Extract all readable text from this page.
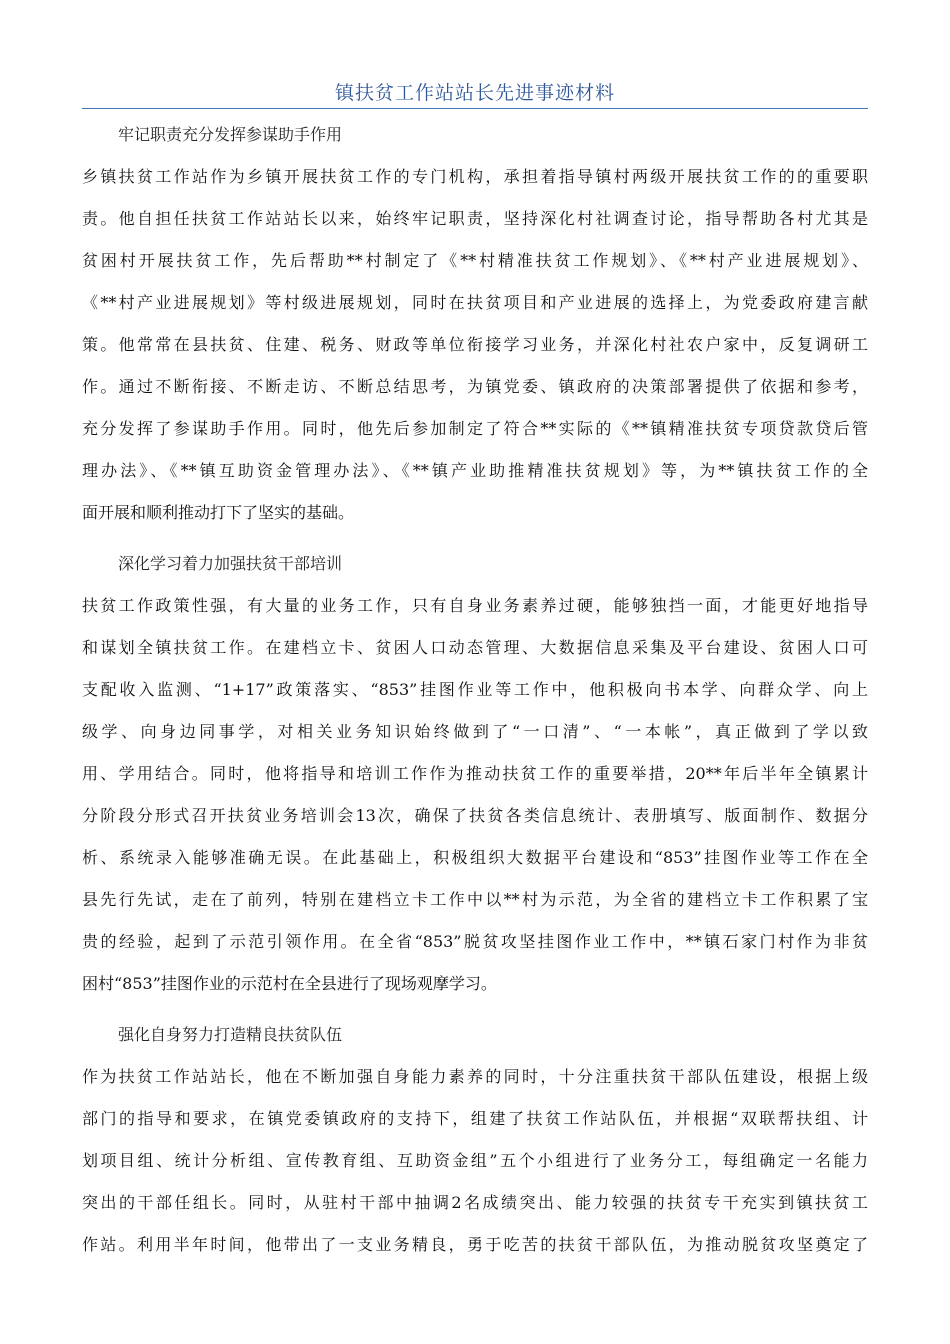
镇扶贫工作站站长先进事迹材料
牢记职责充分发挥参谋助手作用
乡镇扶贫工作站作为乡镇开展扶贫工作的专门机构，承担着指导镇村两级开展扶贫工作的的重要职
责。他自担任扶贫工作站站长以来，始终牢记职责，坚持深化村社调查讨论，指导帮助各村尤其是
贫困村开展扶贫工作，先后帮助**村制定了《**村精准扶贫工作规划》、《**村产业进展规划》、
《**村产业进展规划》等村级进展规划，同时在扶贫项目和产业进展的选择上，为党委政府建言献
策。他常常在县扶贫、住建、税务、财政等单位衔接学习业务，并深化村社农户家中，反复调研工
作。通过不断衔接、不断走访、不断总结思考，为镇党委、镇政府的决策部署提供了依据和参考，
充分发挥了参谋助手作用。同时，他先后参加制定了符合**实际的《**镇精准扶贫专项贷款贷后管
理办法》、《**镇互助资金管理办法》、《**镇产业助推精准扶贫规划》等，为**镇扶贫工作的全
面开展和顺利推动打下了坚实的基础。
深化学习着力加强扶贫干部培训
扶贫工作政策性强，有大量的业务工作，只有自身业务素养过硬，能够独挡一面，才能更好地指导
和谋划全镇扶贫工作。在建档立卡、贫困人口动态管理、大数据信息采集及平台建设、贫困人口可
支配收入监测、“1+17”政策落实、“853”挂图作业等工作中，他积极向书本学、向群众学、向上
级学、向身边同事学，对相关业务知识始终做到了“一口清”、“一本帐”，真正做到了学以致
用、学用结合。同时，他将指导和培训工作作为推动扶贫工作的重要举措，20**年后半年全镇累计
分阶段分形式召开扶贫业务培训会13次，确保了扶贫各类信息统计、表册填写、版面制作、数据分
析、系统录入能够准确无误。在此基础上，积极组织大数据平台建设和“853”挂图作业等工作在全
县先行先试，走在了前列，特别在建档立卡工作中以**村为示范，为全省的建档立卡工作积累了宝
贵的经验，起到了示范引领作用。在全省“853”脱贫攻坚挂图作业工作中，**镇石家门村作为非贫
困村“853”挂图作业的示范村在全县进行了现场观摩学习。
强化自身努力打造精良扶贫队伍
作为扶贫工作站站长，他在不断加强自身能力素养的同时，十分注重扶贫干部队伍建设，根据上级
部门的指导和要求，在镇党委镇政府的支持下，组建了扶贫工作站队伍，并根据“双联帮扶组、计
划项目组、统计分析组、宣传教育组、互助资金组”五个小组进行了业务分工，每组确定一名能力
突出的干部任组长。同时，从驻村干部中抽调2名成绩突出、能力较强的扶贫专干充实到镇扶贫工
作站。利用半年时间，他带出了一支业务精良，勇于吃苦的扶贫干部队伍，为推动脱贫攻坚奠定了
